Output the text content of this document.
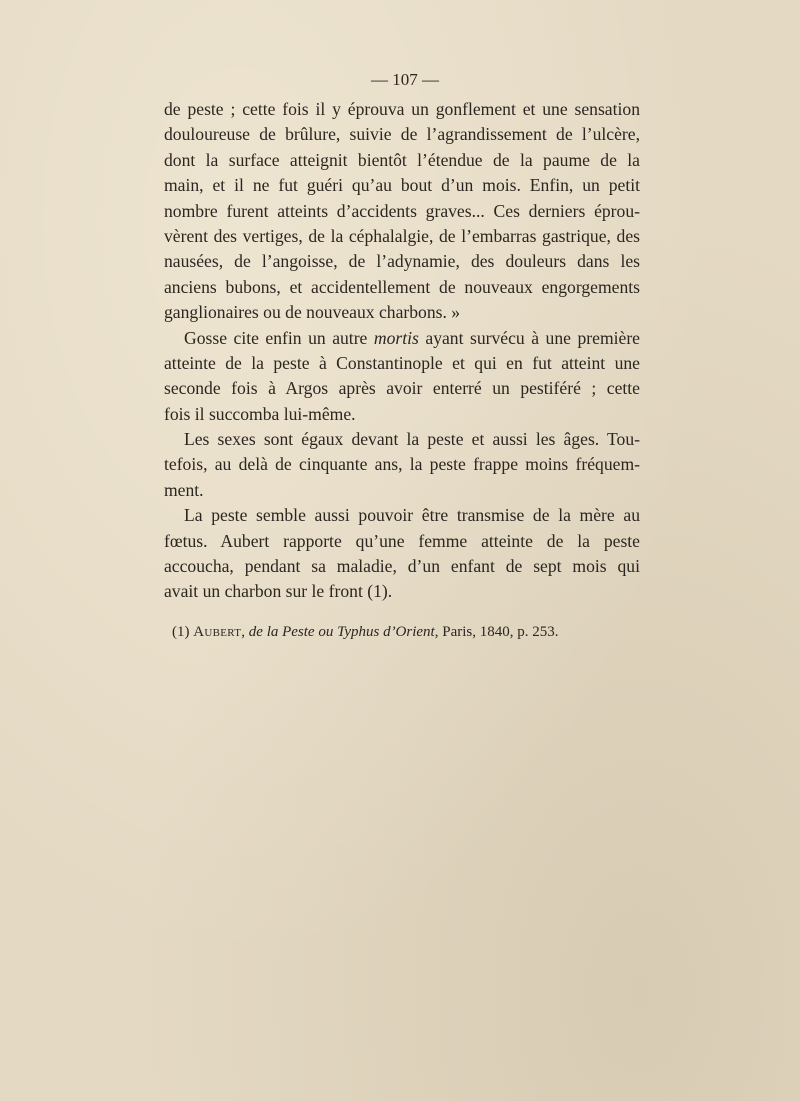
— 107 —
de peste ; cette fois il y éprouva un gonflement et une sensation
douloureuse de brûlure, suivie de l’agrandissement de l’ulcère,
dont la surface atteignit bientôt l’étendue de la paume de la
main, et il ne fut guéri qu’au bout d’un mois. Enfin, un petit
nombre furent atteints d’accidents graves... Ces derniers éprou-
vèrent des vertiges, de la céphalalgie, de l’embarras gastrique, des
nausées, de l’angoisse, de l’adynamie, des douleurs dans les
anciens bubons, et accidentellement de nouveaux engorgements
ganglionaires ou de nouveaux charbons. »
Gosse cite enfin un autre mortis ayant survécu à une première
atteinte de la peste à Constantinople et qui en fut atteint une
seconde fois à Argos après avoir enterré un pestiféré ; cette
fois il succomba lui-même.
Les sexes sont égaux devant la peste et aussi les âges. Tou-
tefois, au delà de cinquante ans, la peste frappe moins fréquem-
ment.
La peste semble aussi pouvoir être transmise de la mère au
fœtus. Aubert rapporte qu’une femme atteinte de la peste
accoucha, pendant sa maladie, d’un enfant de sept mois qui
avait un charbon sur le front (1).
(1) Aubert, de la Peste ou Typhus d’Orient, Paris, 1840, p. 253.
